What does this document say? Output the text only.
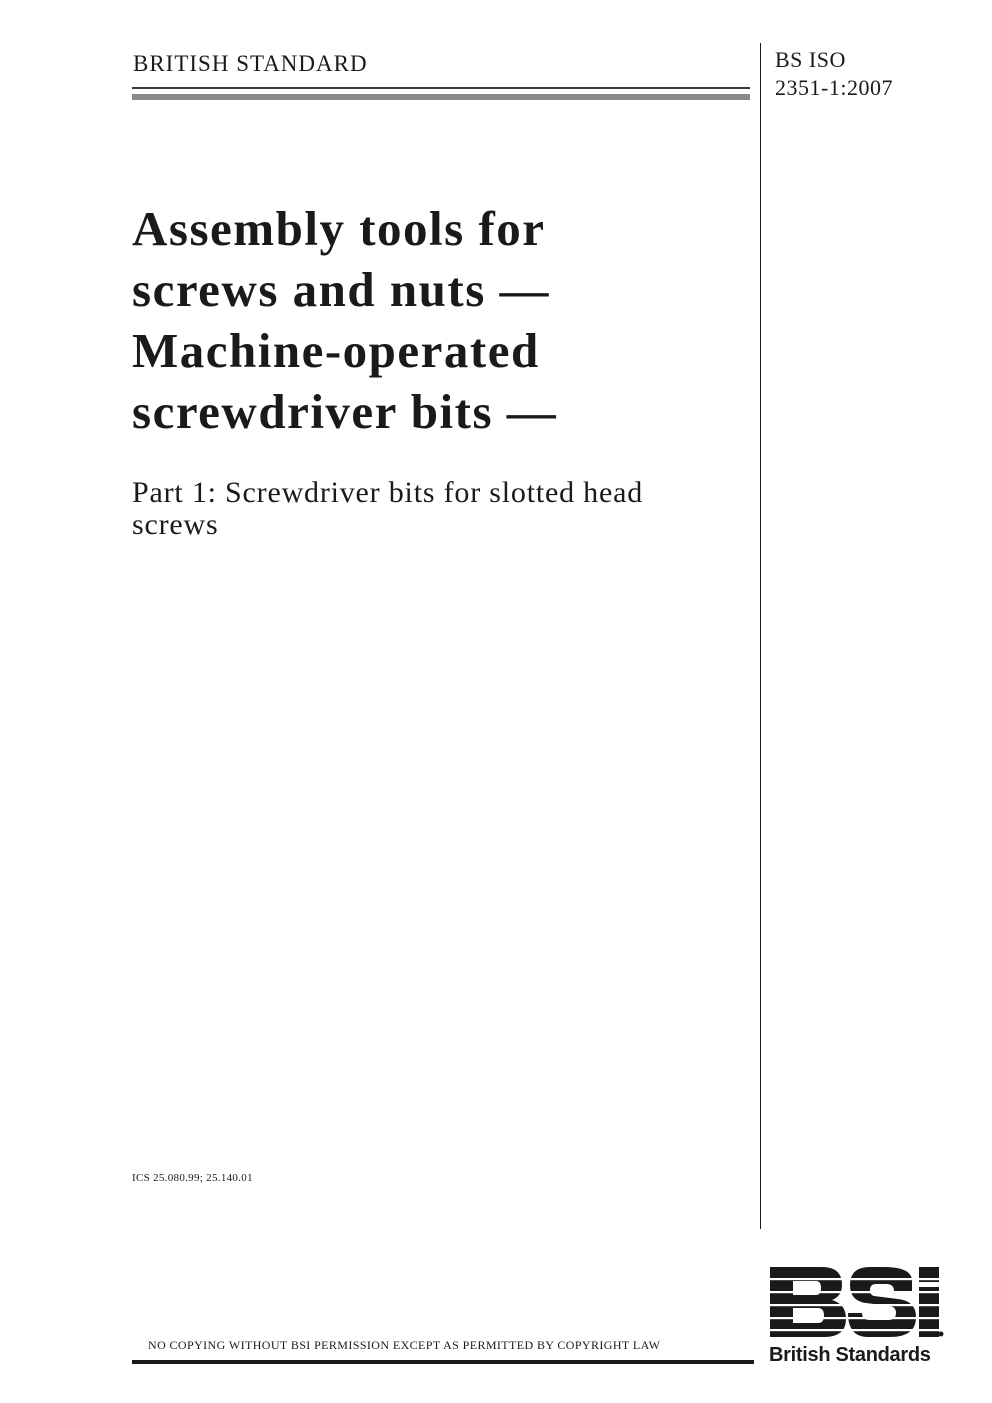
BRITISH STANDARD	BS ISO
2351-1:2007
Assembly tools for
screws and nuts —
Machine-operated
screwdriver bits —
Part 1: Screwdriver bits for slotted head
screws
ICS 25.080.99; 25.140.01
NO COPYING WITHOUT BSI PERMISSION EXCEPT AS PERMITTED BY COPYRIGHT LAW	British Standards
